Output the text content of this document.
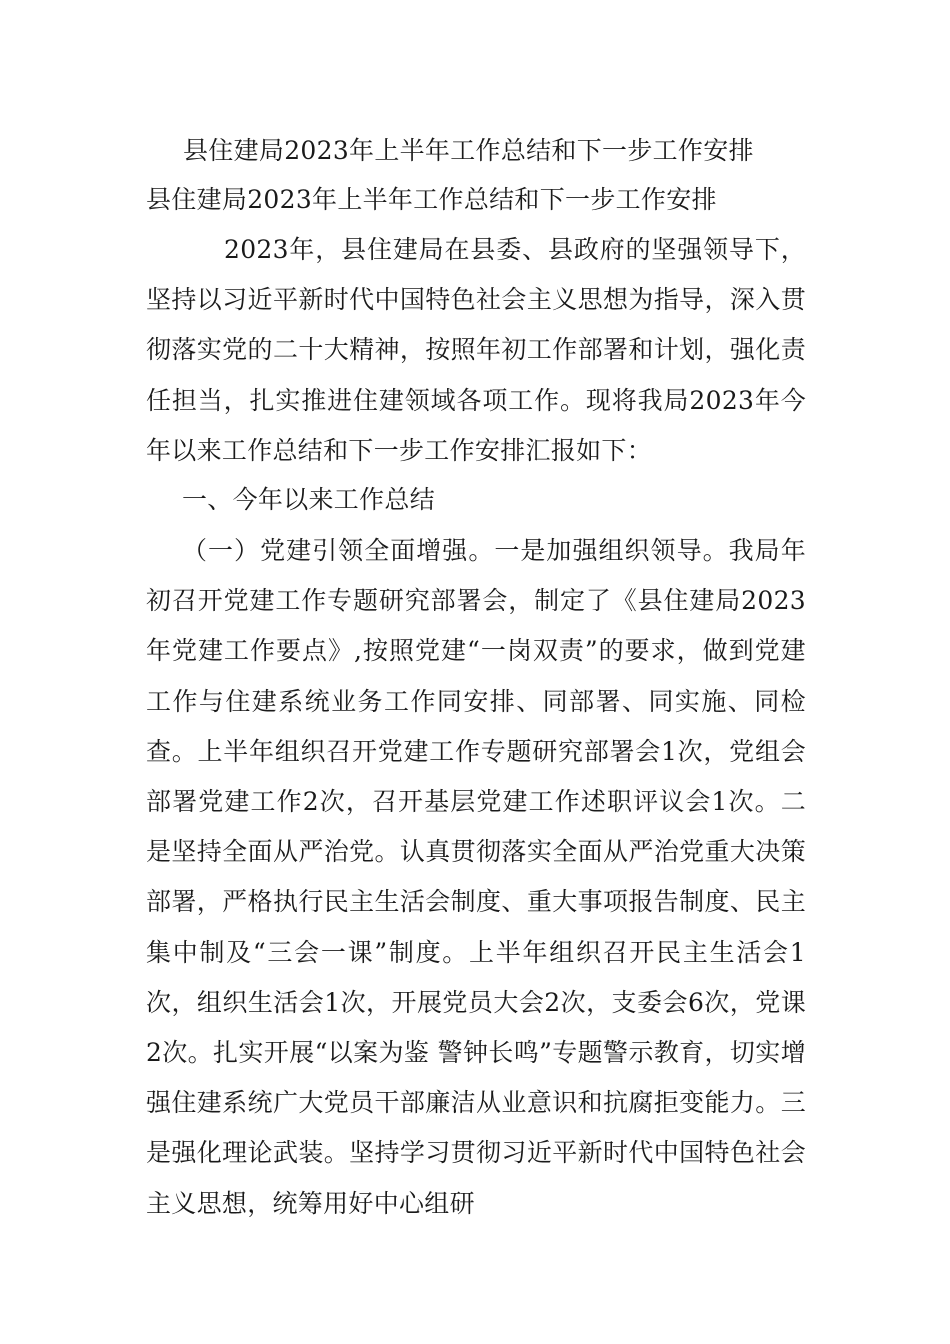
县住建局2023年上半年工作总结和下一步工作安排
县住建局2023年上半年工作总结和下一步工作安排

2023年，县住建局在县委、县政府的坚强领导下，坚持以习近平新时代中国特色社会主义思想为指导，深入贯彻落实党的二十大精神，按照年初工作部署和计划，强化责任担当，扎实推进住建领域各项工作。现将我局2023年今年以来工作总结和下一步工作安排汇报如下：

一、今年以来工作总结

（一）党建引领全面增强。一是加强组织领导。我局年初召开党建工作专题研究部署会，制定了《县住建局2023年党建工作要点》,按照党建“一岗双责”的要求，做到党建工作与住建系统业务工作同安排、同部署、同实施、同检查。上半年组织召开党建工作专题研究部署会1次，党组会部署党建工作2次，召开基层党建工作述职评议会1次。二是坚持全面从严治党。认真贯彻落实全面从严治党重大决策部署，严格执行民主生活会制度、重大事项报告制度、民主集中制及“三会一课”制度。上半年组织召开民主生活会1次，组织生活会1次，开展党员大会2次，支委会6次，党课2次。扎实开展“以案为鉴 警钟长鸣”专题警示教育，切实增强住建系统广大党员干部廉洁从业意识和抗腐拒变能力。三是强化理论武装。坚持学习贯彻习近平新时代中国特色社会主义思想，统筹用好中心组研
